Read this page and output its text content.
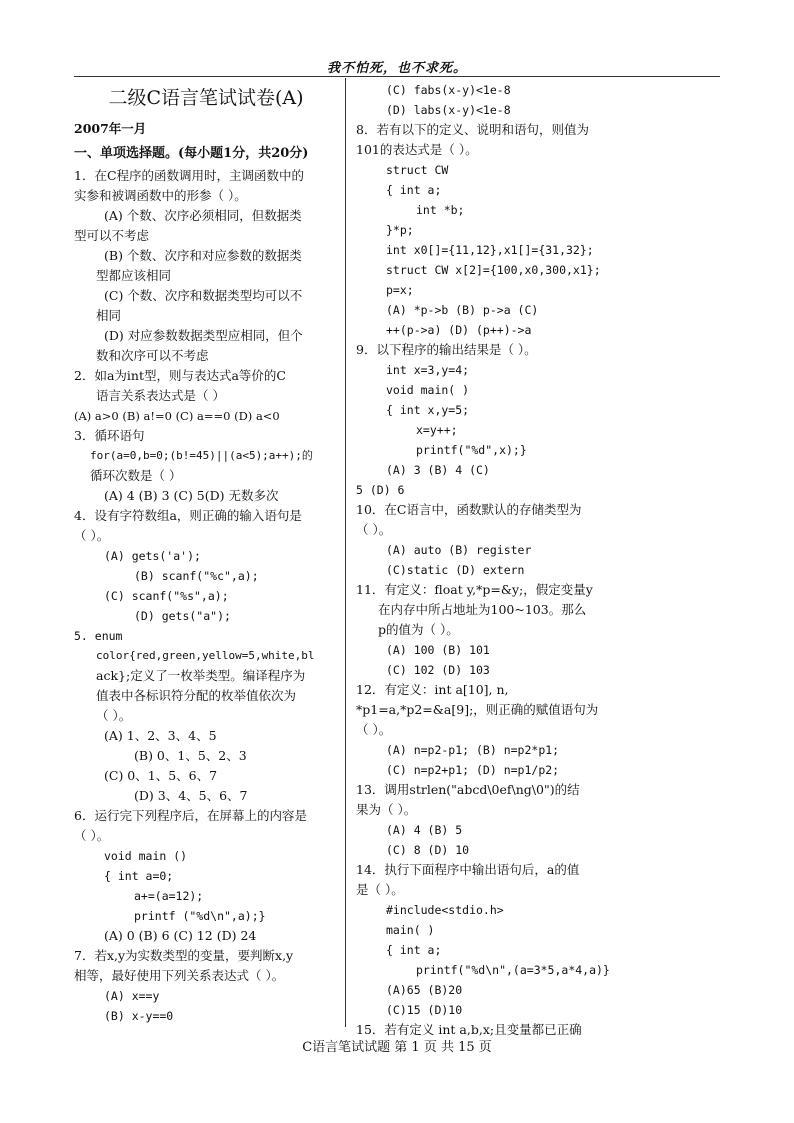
我不怕死，也不求死。
二级C语言笔试试卷(A)
2007年一月
一、单项选择题。(每小题1分，共20分)
1．在C程序的函数调用时，主调函数中的
实参和被调函数中的形参（ ）。
(A) 个数、次序必须相同，但数据类
型可以不考虑
(B) 个数、次序和对应参数的数据类
型都应该相同
(C) 个数、次序和数据类型均可以不
相同
(D) 对应参数数据类型应相同，但个
数和次序可以不考虑
2．如a为int型，则与表达式a等价的C
语言关系表达式是（ ）
(A) a>0 (B) a!=0 (C) a==0 (D) a<0
3．循环语句
for(a=0,b=0;(b!=45)||(a<5);a++);的
循环次数是（ ）
(A) 4 (B) 3 (C) 5(D) 无数多次
4．设有字符数组a，则正确的输入语句是
（ ）。
(A) gets('a');
(B) scanf("%c",a);
(C) scanf("%s",a);
(D) gets("a");
5. enum
color{red,green,yellow=5,white,bl
ack};定义了一枚举类型。编译程序为
值表中各标识符分配的枚举值依次为
（ ）。
(A) 1、2、3、4、5
(B) 0、1、5、2、3
(C) 0、1、5、6、7
(D) 3、4、5、6、7
6．运行完下列程序后，在屏幕上的内容是
（ ）。
void main ()
{ int a=0;
a+=(a=12);
printf ("%d\n",a);}
(A) 0 (B) 6 (C) 12 (D) 24
7．若x,y为实数类型的变量，要判断x,y
相等，最好使用下列关系表达式（ ）。
(A) x==y
(B) x-y==0
(C) fabs(x-y)<1e-8
(D) labs(x-y)<1e-8
8．若有以下的定义、说明和语句，则值为
101的表达式是（ ）。
struct CW
{ int a;
int *b;
}*p;
int x0[]={11,12},x1[]={31,32};
struct CW x[2]={100,x0,300,x1};
p=x;
(A) *p->b (B) p->a (C)
++(p->a) (D) (p++)->a
9．以下程序的输出结果是（ ）。
int x=3,y=4;
void main( )
{ int x,y=5;
x=y++;
printf("%d",x);}
(A) 3 (B) 4 (C)
5 (D) 6
10．在C语言中，函数默认的存储类型为
（ ）。
(A) auto (B) register
(C)static (D) extern
11．有定义：float y,*p=&y;，假定变量y
在内存中所占地址为100~103。那么
p的值为（ ）。
(A) 100 (B) 101
(C) 102 (D) 103
12．有定义：int a[10], n,
*p1=a,*p2=&a[9];，则正确的赋值语句为
（ ）。
(A) n=p2-p1; (B) n=p2*p1;
(C) n=p2+p1; (D) n=p1/p2;
13．调用strlen("abcd\0ef\ng\0")的结
果为（ ）。
(A) 4 (B) 5
(C) 8 (D) 10
14．执行下面程序中输出语句后，a的值
是（ ）。
#include<stdio.h>
main( )
{ int a;
printf("%d\n",(a=3*5,a*4,a)}
(A)65 (B)20
(C)15 (D)10
15．若有定义 int a,b,x;且变量都已正确
C语言笔试试题 第 1 页 共 15 页
